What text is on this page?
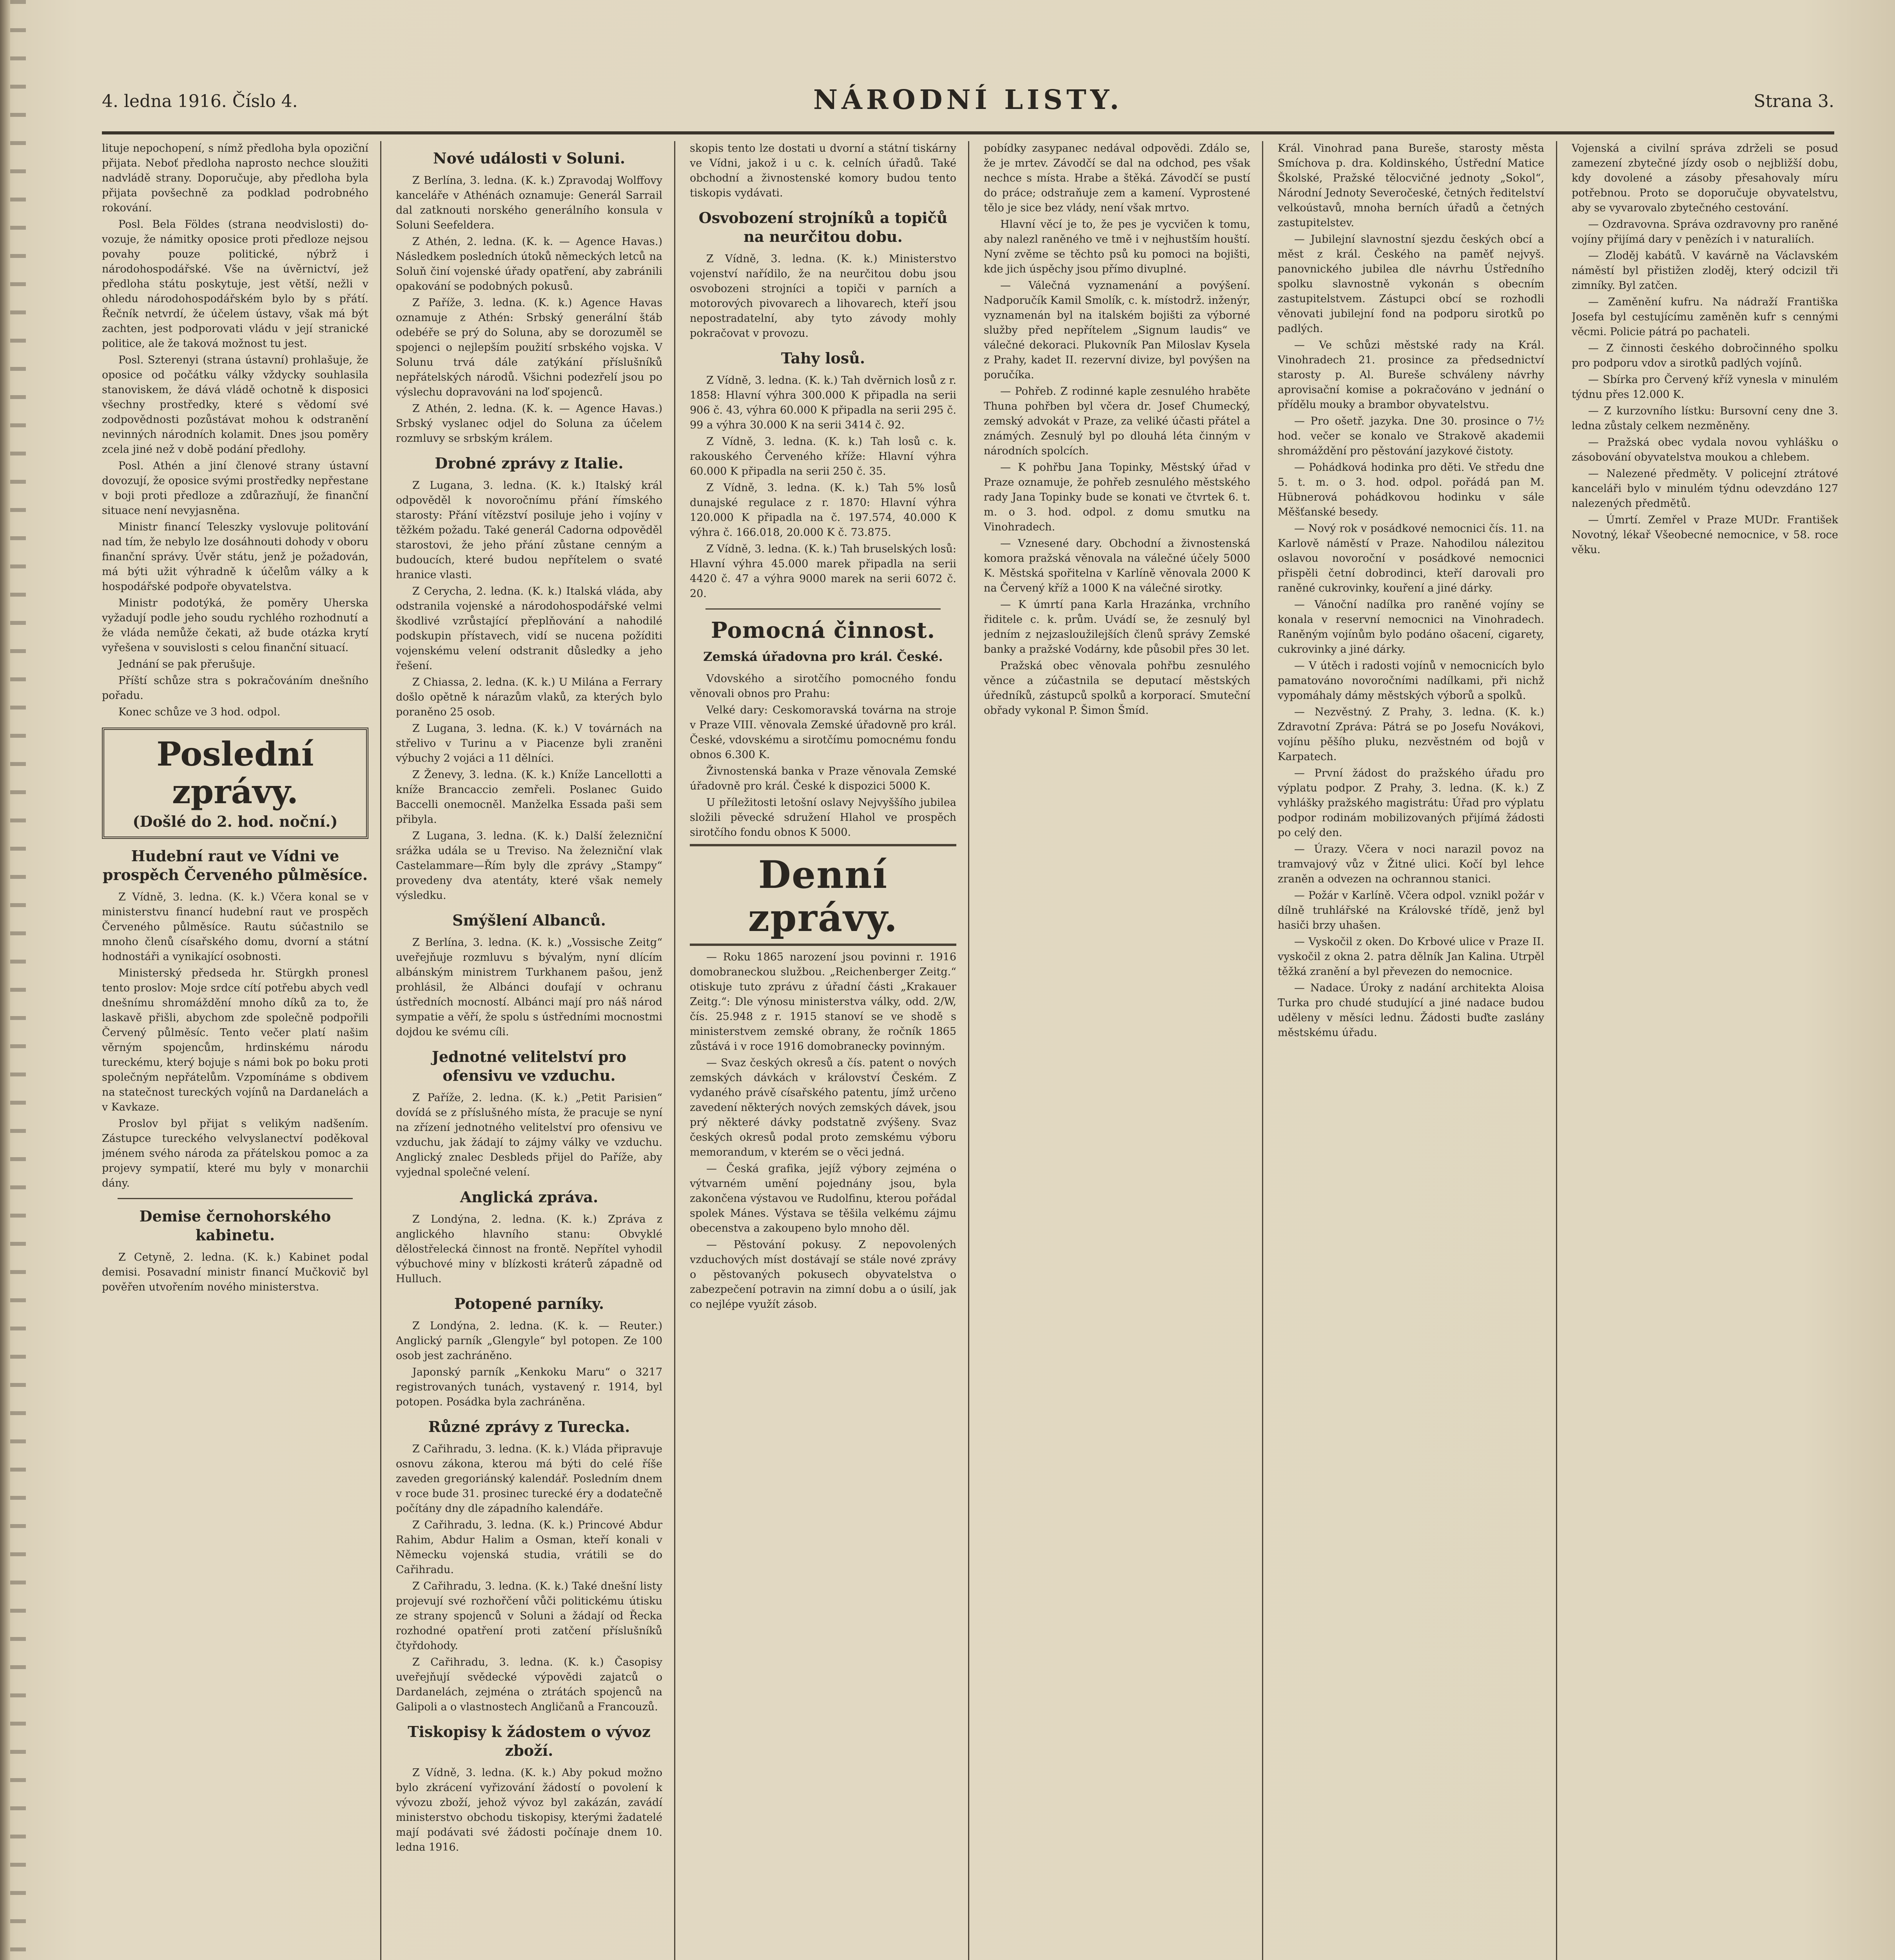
4. ledna 1916. Číslo 4.	NÁRODNÍ LISTY.	Strana 3.

lituje nepochopení, s nímž předloha byla opoziční přijata. Neboť předloha naprosto nechce sloužiti nadvládě strany. Doporučuje, aby předloha byla přijata povšechně za podklad podrobného rokování.

Posl. Bela Földes (strana neodvislosti) do-vozuje, že námitky oposice proti předloze nejsou povahy pouze politické, nýbrž i národohospodářské. Vše na úvěrnictví, jež předloha státu poskytuje, jest větší, nežli v ohledu národohospodářském bylo by s přátí. Řečník netvrdí, že účelem ústavy, však má být zachten, jest podporovati vládu v její stranické politice, ale že taková možnost tu jest.

Posl. Szterenyi (strana ústavní) prohlašuje, že oposice od počátku války vždycky souhlasila stanoviskem, že dává vládě ochotně k disposici všechny prostředky, které s vědomí své zodpovědnosti pozůstávat mohou k odstranění nevinných národních kolamit. Dnes jsou poměry zcela jiné než v době podání předlohy.

Posl. Athén a jiní členové strany ústavní dovozují, že oposice svými prostředky nepřestane v boji proti předloze a zdůrazňují, že finanční situace není nevyjasněna.

Ministr financí Teleszky vyslovuje politování nad tím, že nebylo lze dosáhnouti dohody v oboru finanční správy. Úvěr státu, jenž je požadován, má býti užit výhradně k účelům války a k hospodářské podpoře obyvatelstva.

Ministr podotýká, že poměry Uherska vyžadují podle jeho soudu rychlého rozhodnutí a že vláda nemůže čekati, až bude otázka krytí vyřešena v souvislosti s celou finanční situací.

Jednání se pak přerušuje.

Příští schůze stra s pokračováním dnešního pořadu.

Konec schůze ve 3 hod. odpol.

Poslední zprávy.
(Došlé do 2. hod. noční.)
Hudební raut ve Vídni ve prospěch Červeného půlměsíce.

Z Vídně, 3. ledna. (K. k.) Včera konal se v ministerstvu financí hudební raut ve prospěch Červeného půlměsíce. Rautu súčastnilo se mnoho členů císařského domu, dvorní a státní hodnostáři a vynikající osobnosti.

Ministerský předseda hr. Stürgkh pronesl tento proslov: Moje srdce cítí potřebu abych vedl dnešnímu shromáždění mnoho díků za to, že laskavě přišli, abychom zde společně podpořili Červený půlměsíc. Tento večer platí našim věrným spojencům, hrdinskému národu tureckému, který bojuje s námi bok po boku proti společným nepřátelům. Vzpomínáme s obdivem na statečnost tureckých vojínů na Dardanelách a v Kavkaze.

Proslov byl přijat s velikým nadšením. Zástupce tureckého velvyslanectví poděkoval jménem svého národa za přátelskou pomoc a za projevy sympatií, které mu byly v monarchii dány.

Demise černohorského kabinetu.

Z Cetyně, 2. ledna. (K. k.) Kabinet podal demisi. Posavadní ministr financí Mučkovič byl pověřen utvořením nového ministerstva.

Nové události v Soluni.

Z Berlína, 3. ledna. (K. k.) Zpravodaj Wolffovy kanceláře v Athénách oznamuje: Generál Sarrail dal zatknouti norského generálního konsula v Soluni Seefeldera.

Z Athén, 2. ledna. (K. k. — Agence Havas.) Následkem posledních útoků německých letců na Soluň činí vojenské úřady opatření, aby zabránili opakování se podobných pokusů.

Z Paříže, 3. ledna. (K. k.) Agence Havas oznamuje z Athén: Srbský generální štáb odebéře se prý do Soluna, aby se dorozuměl se spojenci o nejlepším použití srbského vojska. V Solunu trvá dále zatýkání příslušníků nepřátelských národů. Všichni podezřelí jsou po výslechu dopravováni na loď spojenců.

Z Athén, 2. ledna. (K. k. — Agence Havas.) Srbský vyslanec odjel do Soluna za účelem rozmluvy se srbským králem.

Drobné zprávy z Italie.

Z Lugana, 3. ledna. (K. k.) Italský král odpověděl k novoročnímu přání římského starosty: Přání vítězství posiluje jeho i vojíny v těžkém požadu. Také generál Cadorna odpověděl starostovi, že jeho přání zůstane cenným a budoucích, které budou nepřítelem o svaté hranice vlasti.

Z Cerycha, 2. ledna. (K. k.) Italská vláda, aby odstranila vojenské a národohospodářské velmi škodlivé vzrůstající přeplňování a nahodilé podskupin přístavech, vidí se nucena požíditi vojenskému velení odstranit důsledky a jeho řešení.

Z Chiassa, 2. ledna. (K. k.) U Milána a Ferrary došlo opětně k nárazům vlaků, za kterých bylo poraněno 25 osob.

Z Lugana, 3. ledna. (K. k.) V továrnách na střelivo v Turinu a v Piacenze byli zraněni výbuchy 2 vojáci a 11 dělníci.

Z Ženevy, 3. ledna. (K. k.) Kníže Lancellotti a kníže Brancaccio zemřeli. Poslanec Guido Baccelli onemocněl. Manželka Essada paši sem přibyla.

Z Lugana, 3. ledna. (K. k.) Další železniční srážka udála se u Treviso. Na železniční vlak Castelammare—Řím byly dle zprávy „Stampy“ provedeny dva atentáty, které však nemely výsledku.

Smýšlení Albanců.

Z Berlína, 3. ledna. (K. k.) „Vossische Zeitg“ uveřejňuje rozmluvu s bývalým, nyní dlícím albánským ministrem Turkhanem pašou, jenž prohlásil, že Albánci doufají v ochranu ústředních mocností. Albánci mají pro náš národ sympatie a věří, že spolu s ústředními mocnostmi dojdou ke svému cíli.

Jednotné velitelství pro ofensivu ve vzduchu.

Z Paříže, 2. ledna. (K. k.) „Petit Parisien“ dovídá se z příslušného místa, že pracuje se nyní na zřízení jednotného velitelství pro ofensivu ve vzduchu, jak žádají to zájmy války ve vzduchu. Anglický znalec Desbleds přijel do Paříže, aby vyjednal společné velení.

Anglická zpráva.

Z Londýna, 2. ledna. (K. k.) Zpráva z anglického hlavního stanu: Obvyklé dělostřelecká činnost na frontě. Nepřítel vyhodil výbuchové miny v blízkosti kráterů západně od Hulluch.

Potopené parníky.

Z Londýna, 2. ledna. (K. k. — Reuter.) Anglický parník „Glengyle“ byl potopen. Ze 100 osob jest zachráněno.

Japonský parník „Kenkoku Maru“ o 3217 registrovaných tunách, vystavený r. 1914, byl potopen. Posádka byla zachráněna.

Různé zprávy z Turecka.

Z Cařihradu, 3. ledna. (K. k.) Vláda připravuje osnovu zákona, kterou má býti do celé říše zaveden gregoriánský kalendář. Posledním dnem v roce bude 31. prosinec turecké éry a dodatečně počítány dny dle západního kalendáře.

Z Cařihradu, 3. ledna. (K. k.) Princové Abdur Rahim, Abdur Halim a Osman, kteří konali v Německu vojenská studia, vrátili se do Cařihradu.

Z Cařihradu, 3. ledna. (K. k.) Také dnešní listy projevují své rozhořčení vůči politickému útisku ze strany spojenců v Soluni a žádají od Řecka rozhodné opatření proti zatčení příslušníků čtyřdohody.

Z Cařihradu, 3. ledna. (K. k.) Časopisy uveřejňují svědecké výpovědi zajatců o Dardanelách, zejména o ztrátách spojenců na Galipoli a o vlastnostech Angličanů a Francouzů.

Tiskopisy k žádostem o vývoz zboží.

Z Vídně, 3. ledna. (K. k.) Aby pokud možno bylo zkrácení vyřizování žádostí o povolení k vývozu zboží, jehož vývoz byl zakázán, zavádí ministerstvo obchodu tiskopisy, kterými žadatelé mají podávati své žádosti počínaje dnem 10. ledna 1916.

skopis tento lze dostati u dvorní a státní tiskárny ve Vídni, jakož i u c. k. celních úřadů. Také obchodní a živnostenské komory budou tento tiskopis vydávati.

Osvobození strojníků a topičů na neurčitou dobu.

Z Vídně, 3. ledna. (K. k.) Ministerstvo vojenství nařídilo, že na neurčitou dobu jsou osvobozeni strojníci a topiči v parních a motorových pivovarech a lihovarech, kteří jsou nepostradatelní, aby tyto závody mohly pokračovat v provozu.

Tahy losů.

Z Vídně, 3. ledna. (K. k.) Tah dvěrnich losů z r. 1858: Hlavní výhra 300.000 K připadla na serii 906 č. 43, výhra 60.000 K připadla na serii 295 č. 99 a výhra 30.000 K na serii 3414 č. 92.

Z Vídně, 3. ledna. (K. k.) Tah losů c. k. rakouského Červeného kříže: Hlavní výhra 60.000 K připadla na serii 250 č. 35.

Z Vídně, 3. ledna. (K. k.) Tah 5% losů dunajské regulace z r. 1870: Hlavní výhra 120.000 K připadla na č. 197.574, 40.000 K výhra č. 166.018, 20.000 K č. 73.875.

Z Vídně, 3. ledna. (K. k.) Tah bruselských losů: Hlavní výhra 45.000 marek připadla na serii 4420 č. 47 a výhra 9000 marek na serii 6072 č. 20.

Pomocná činnost.
Zemská úřadovna pro král. České.

Vdovského a sirotčího pomocného fondu věnovali obnos pro Prahu:

Velké dary: Ceskomoravská továrna na stroje v Praze VIII. věnovala Zemské úřadovně pro král. České, vdovskému a sirotčímu pomocnému fondu obnos 6.300 K.

Živnostenská banka v Praze věnovala Zemské úřadovně pro král. České k dispozici 5000 K.

U příležitosti letošní oslavy Nejvyššího jubilea složili pěvecké sdružení Hlahol ve prospěch sirotčího fondu obnos K 5000.

Denní zprávy.

— Roku 1865 narození jsou povinni r. 1916 domobraneckou službou. „Reichenberger Zeitg.“ otiskuje tuto zprávu z úřadní části „Krakauer Zeitg.“: Dle výnosu ministerstva války, odd. 2/W, čís. 25.948 z r. 1915 stanoví se ve shodě s ministerstvem zemské obrany, že ročník 1865 zůstává i v roce 1916 domobranecky povinným.

— Svaz českých okresů a čís. patent o nových zemských dávkách v království Českém. Z vydaného právě císařského patentu, jímž určeno zavedení některých nových zemských dávek, jsou prý některé dávky podstatně zvýšeny. Svaz českých okresů podal proto zemskému výboru memorandum, v kterém se o věci jedná.

— Česká grafika, jejíž výbory zejména o výtvarném umění pojednány jsou, byla zakončena výstavou ve Rudolfinu, kterou pořádal spolek Mánes. Výstava se těšila velkému zájmu obecenstva a zakoupeno bylo mnoho děl.

— Pěstování pokusy. Z nepovolených vzduchových míst dostávají se stále nové zprávy o pěstovaných pokusech obyvatelstva o zabezpečení potravin na zimní dobu a o úsilí, jak co nejlépe využít zásob.

pobídky zasypanec nedával odpovědi. Zdálo se, že je mrtev. Závodčí se dal na odchod, pes však nechce s místa. Hrabe a štěká. Závodčí se pustí do práce; odstraňuje zem a kamení. Vyprostené tělo je sice bez vlády, není však mrtvo.

Hlavní věcí je to, že pes je vycvičen k tomu, aby nalezl raněného ve tmě i v nejhustším houští. Nyní zvěme se těchto psů ku pomoci na bojišti, kde jich úspěchy jsou přímo divuplné.

— Válečná vyznamenání a povýšení. Nadporučík Kamil Smolík, c. k. místodrž. inženýr, vyznamenán byl na italském bojišti za výborné služby před nepřítelem „Signum laudis“ ve válečné dekoraci. Plukovník Pan Miloslav Kysela z Prahy, kadet II. rezervní divize, byl povýšen na poručíka.

— Pohřeb. Z rodinné kaple zesnulého hraběte Thuna pohřben byl včera dr. Josef Chumecký, zemský advokát v Praze, za veliké účasti přátel a známých. Zesnulý byl po dlouhá léta činným v národních spolcích.

— K pohřbu Jana Topinky, Městský úřad v Praze oznamuje, že pohřeb zesnulého městského rady Jana Topinky bude se konati ve čtvrtek 6. t. m. o 3. hod. odpol. z domu smutku na Vinohradech.

— Vznesené dary. Obchodní a živnostenská komora pražská věnovala na válečné účely 5000 K. Městská spořitelna v Karlíně věnovala 2000 K na Červený kříž a 1000 K na válečné sirotky.

— K úmrtí pana Karla Hrazánka, vrchního řiditele c. k. prům. Uvádí se, že zesnulý byl jedním z nejzasloužilejších členů správy Zemské banky a pražské Vodárny, kde působil přes 30 let.

Pražská obec věnovala pohřbu zesnulého věnce a zúčastnila se deputací městských úředníků, zástupců spolků a korporací. Smuteční obřady vykonal P. Šimon Šmíd.

Král. Vinohrad pana Bureše, starosty města Smíchova p. dra. Koldinského, Ústřední Matice Školské, Pražské tělocvičné jednoty „Sokol“, Národní Jednoty Severočeské, četných ředitelství velkoústavů, mnoha berních úřadů a četných zastupitelstev.

— Jubilejní slavnostní sjezdu českých obcí a měst z král. Českého na paměť nejvyš. panovnického jubilea dle návrhu Ústředního spolku slavnostně vykonán s obecním zastupitelstvem. Zástupci obcí se rozhodli věnovati jubilejní fond na podporu sirotků po padlých.

— Ve schůzi městské rady na Král. Vinohradech 21. prosince za předsednictví starosty p. Al. Bureše schváleny návrhy aprovisační komise a pokračováno v jednání o přídělu mouky a brambor obyvatelstvu.

— Pro ošetř. jazyka. Dne 30. prosince o 7½ hod. večer se konalo ve Strakově akademii shromáždění pro pěstování jazykové čistoty.

— Pohádková hodinka pro děti. Ve středu dne 5. t. m. o 3. hod. odpol. pořádá pan M. Hübnerová pohádkovou hodinku v sále Měšťanské besedy.

— Nový rok v posádkové nemocnici čís. 11. na Karlově náměstí v Praze. Nahodilou nálezitou oslavou novoroční v posádkové nemocnici přispěli četní dobrodinci, kteří darovali pro raněné cukrovinky, kouření a jiné dárky.

— Vánoční nadílka pro raněné vojíny se konala v reservní nemocnici na Vinohradech. Raněným vojínům bylo podáno ošacení, cigarety, cukrovinky a jiné dárky.

— V útěch i radosti vojínů v nemocnicích bylo pamatováno novoročními nadílkami, při nichž vypomáhaly dámy městských výborů a spolků.

— Nezvěstný. Z Prahy, 3. ledna. (K. k.) Zdravotní Zpráva: Pátrá se po Josefu Novákovi, vojínu pěšího pluku, nezvěstném od bojů v Karpatech.

— První žádost do pražského úřadu pro výplatu podpor. Z Prahy, 3. ledna. (K. k.) Z vyhlášky pražského magistrátu: Úřad pro výplatu podpor rodinám mobilizovaných přijímá žádosti po celý den.

— Úrazy. Včera v noci narazil povoz na tramvajový vůz v Žitné ulici. Kočí byl lehce zraněn a odvezen na ochrannou stanici.

— Požár v Karlíně. Včera odpol. vznikl požár v dílně truhlářské na Královské třídě, jenž byl hasiči brzy uhašen.

— Vyskočil z oken. Do Krbové ulice v Praze II. vyskočil z okna 2. patra dělník Jan Kalina. Utrpěl těžká zranění a byl převezen do nemocnice.

— Nadace. Úroky z nadání architekta Aloisa Turka pro chudé studující a jiné nadace budou uděleny v měsíci lednu. Žádosti buďte zaslány městskému úřadu.

Vojenská a civilní správa zdrželi se posud zamezení zbytečné jízdy osob o nejbližší dobu, kdy dovolené a zásoby přesahovaly míru potřebnou. Proto se doporučuje obyvatelstvu, aby se vyvarovalo zbytečného cestování.

— Ozdravovna. Správa ozdravovny pro raněné vojíny přijímá dary v penězích i v naturaliích.

— Zloděj kabátů. V kavárně na Václavském náměstí byl přistižen zloděj, který odcizil tři zimníky. Byl zatčen.

— Zaměnění kufru. Na nádraží Františka Josefa byl cestujícímu zaměněn kufr s cennými věcmi. Policie pátrá po pachateli.

— Z činnosti českého dobročinného spolku pro podporu vdov a sirotků padlých vojínů.

— Sbírka pro Červený kříž vynesla v minulém týdnu přes 12.000 K.

— Z kurzovního lístku: Bursovní ceny dne 3. ledna zůstaly celkem nezměněny.

— Pražská obec vydala novou vyhlášku o zásobování obyvatelstva moukou a chlebem.

— Nalezené předměty. V policejní ztrátové kanceláři bylo v minulém týdnu odevzdáno 127 nalezených předmětů.

— Úmrtí. Zemřel v Praze MUDr. František Novotný, lékař Všeobecné nemocnice, v 58. roce věku.
